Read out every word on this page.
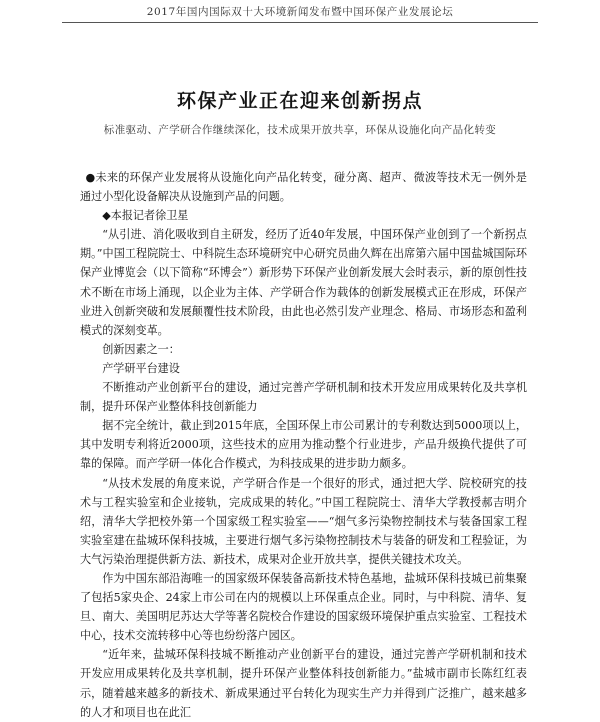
2017年国内国际双十大环境新闻发布暨中国环保产业发展论坛
环保产业正在迎来创新拐点
标准驱动、产学研合作继续深化，技术成果开放共享，环保从设施化向产品化转变

●未来的环保产业发展将从设施化向产品化转变，碰分离、超声、微波等技术无一例外是通过小型化设备解决从设施到产品的问题。

◆本报记者徐卫星

“从引进、消化吸收到自主研发，经历了近40年发展，中国环保产业创到了一个新拐点期。”中国工程院院士、中科院生态环境研究中心研究员曲久辉在出席第六届中国盐城国际环保产业博览会（以下简称“环博会”）新形势下环保产业创新发展大会时表示，新的原创性技术不断在市场上涌现，以企业为主体、产学研合作为载体的创新发展模式正在形成，环保产业进入创新突破和发展颠覆性技术阶段，由此也必然引发产业理念、格局、市场形态和盈利模式的深刻变革。

创新因素之一：

产学研平台建设

不断推动产业创新平台的建设，通过完善产学研机制和技术开发应用成果转化及共享机制，提升环保产业整体科技创新能力

据不完全统计，截止到2015年底，全国环保上市公司累计的专利数达到5000项以上，其中发明专利将近2000项，这些技术的应用为推动整个行业进步，产品升级换代提供了可靠的保障。而产学研一体化合作模式，为科技成果的进步助力颇多。

“从技术发展的角度来说，产学研合作是一个很好的形式，通过把大学、院校研究的技术与工程实验室和企业接轨，完成成果的转化。”中国工程院院士、清华大学教授郝吉明介绍，清华大学把校外第一个国家级工程实验室——“烟气多污染物控制技术与装备国家工程实验室建在盐城环保科技城，主要进行烟气多污染物控制技术与装备的研发和工程验证，为大气污染治理提供新方法、新技术，成果对企业开放共享，提供关键技术攻关。

作为中国东部沿海唯一的国家级环保装备高新技术特色基地，盐城环保科技城已前集聚了包括5家央企、24家上市公司在内的规模以上环保重点企业。同时，与中科院、清华、复旦、南大、美国明尼苏达大学等著名院校合作建设的国家级环境保护重点实验室、工程技术中心，技术交流转移中心等也纷纷落户园区。

“近年来，盐城环保科技城不断推动产业创新平台的建设，通过完善产学研机制和技术开发应用成果转化及共享机制，提升环保产业整体科技创新能力。”盐城市副市长陈红红表示，随着越来越多的新技术、新成果通过平台转化为现实生产力并得到广泛推广，越来越多的人才和项目也在此汇
